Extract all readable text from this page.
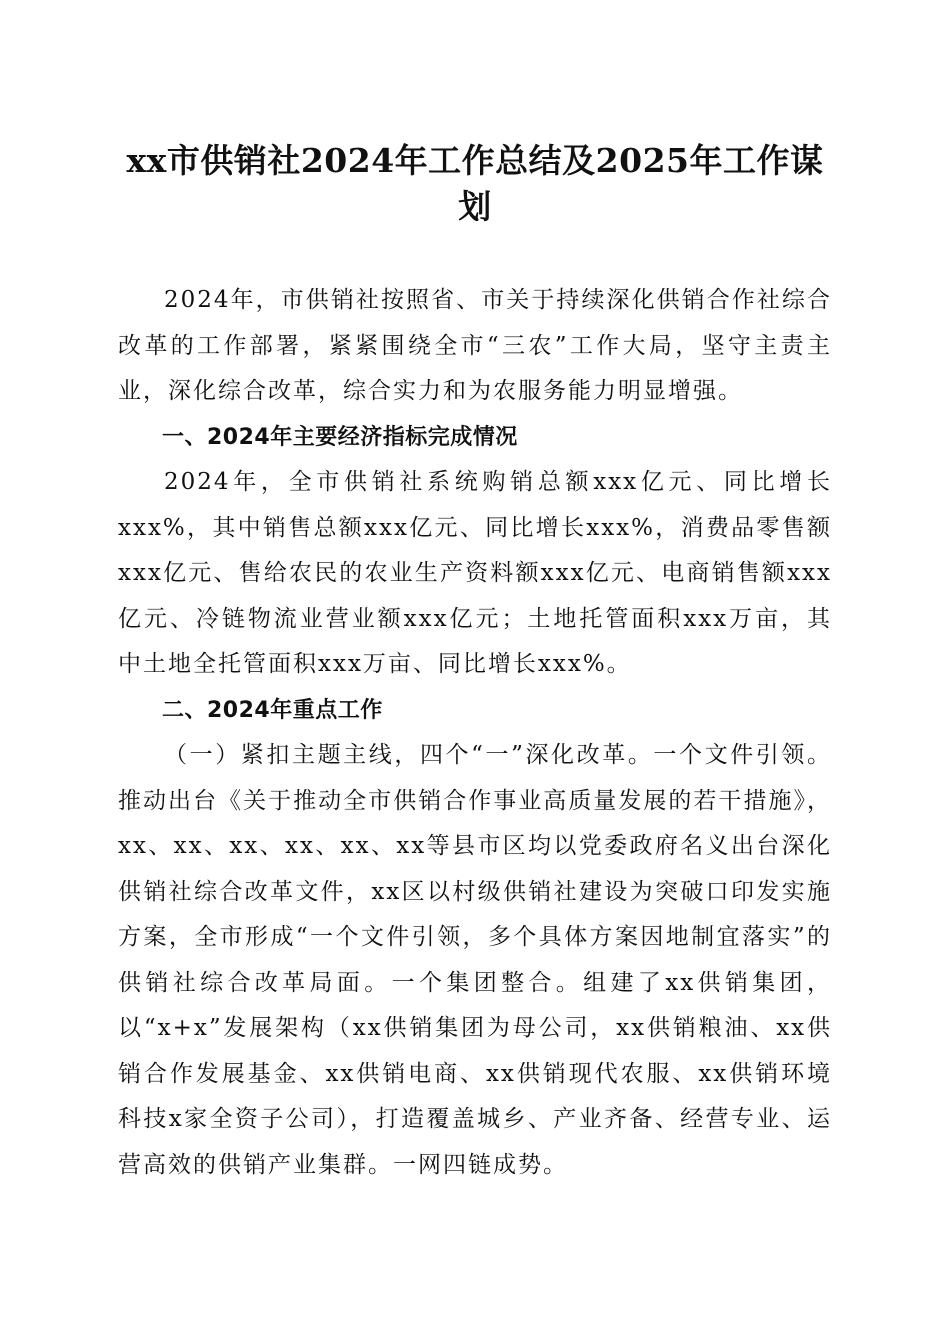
xx市供销社2024年工作总结及2025年工作谋划

2024年，市供销社按照省、市关于持续深化供销合作社综合改革的工作部署，紧紧围绕全市“三农”工作大局，坚守主责主业，深化综合改革，综合实力和为农服务能力明显增强。

一、2024年主要经济指标完成情况

2024年，全市供销社系统购销总额xxx亿元、同比增长xxx%，其中销售总额xxx亿元、同比增长xxx%，消费品零售额xxx亿元、售给农民的农业生产资料额xxx亿元、电商销售额xxx亿元、冷链物流业营业额xxx亿元；土地托管面积xxx万亩，其中土地全托管面积xxx万亩、同比增长xxx%。

二、2024年重点工作

（一）紧扣主题主线，四个“一”深化改革。一个文件引领。推动出台《关于推动全市供销合作事业高质量发展的若干措施》，xx、xx、xx、xx、xx、xx等县市区均以党委政府名义出台深化供销社综合改革文件，xx区以村级供销社建设为突破口印发实施方案，全市形成“一个文件引领，多个具体方案因地制宜落实”的供销社综合改革局面。一个集团整合。组建了xx供销集团，以“x+x”发展架构（xx供销集团为母公司，xx供销粮油、xx供销合作发展基金、xx供销电商、xx供销现代农服、xx供销环境科技x家全资子公司），打造覆盖城乡、产业齐备、经营专业、运营高效的供销产业集群。一网四链成势。
